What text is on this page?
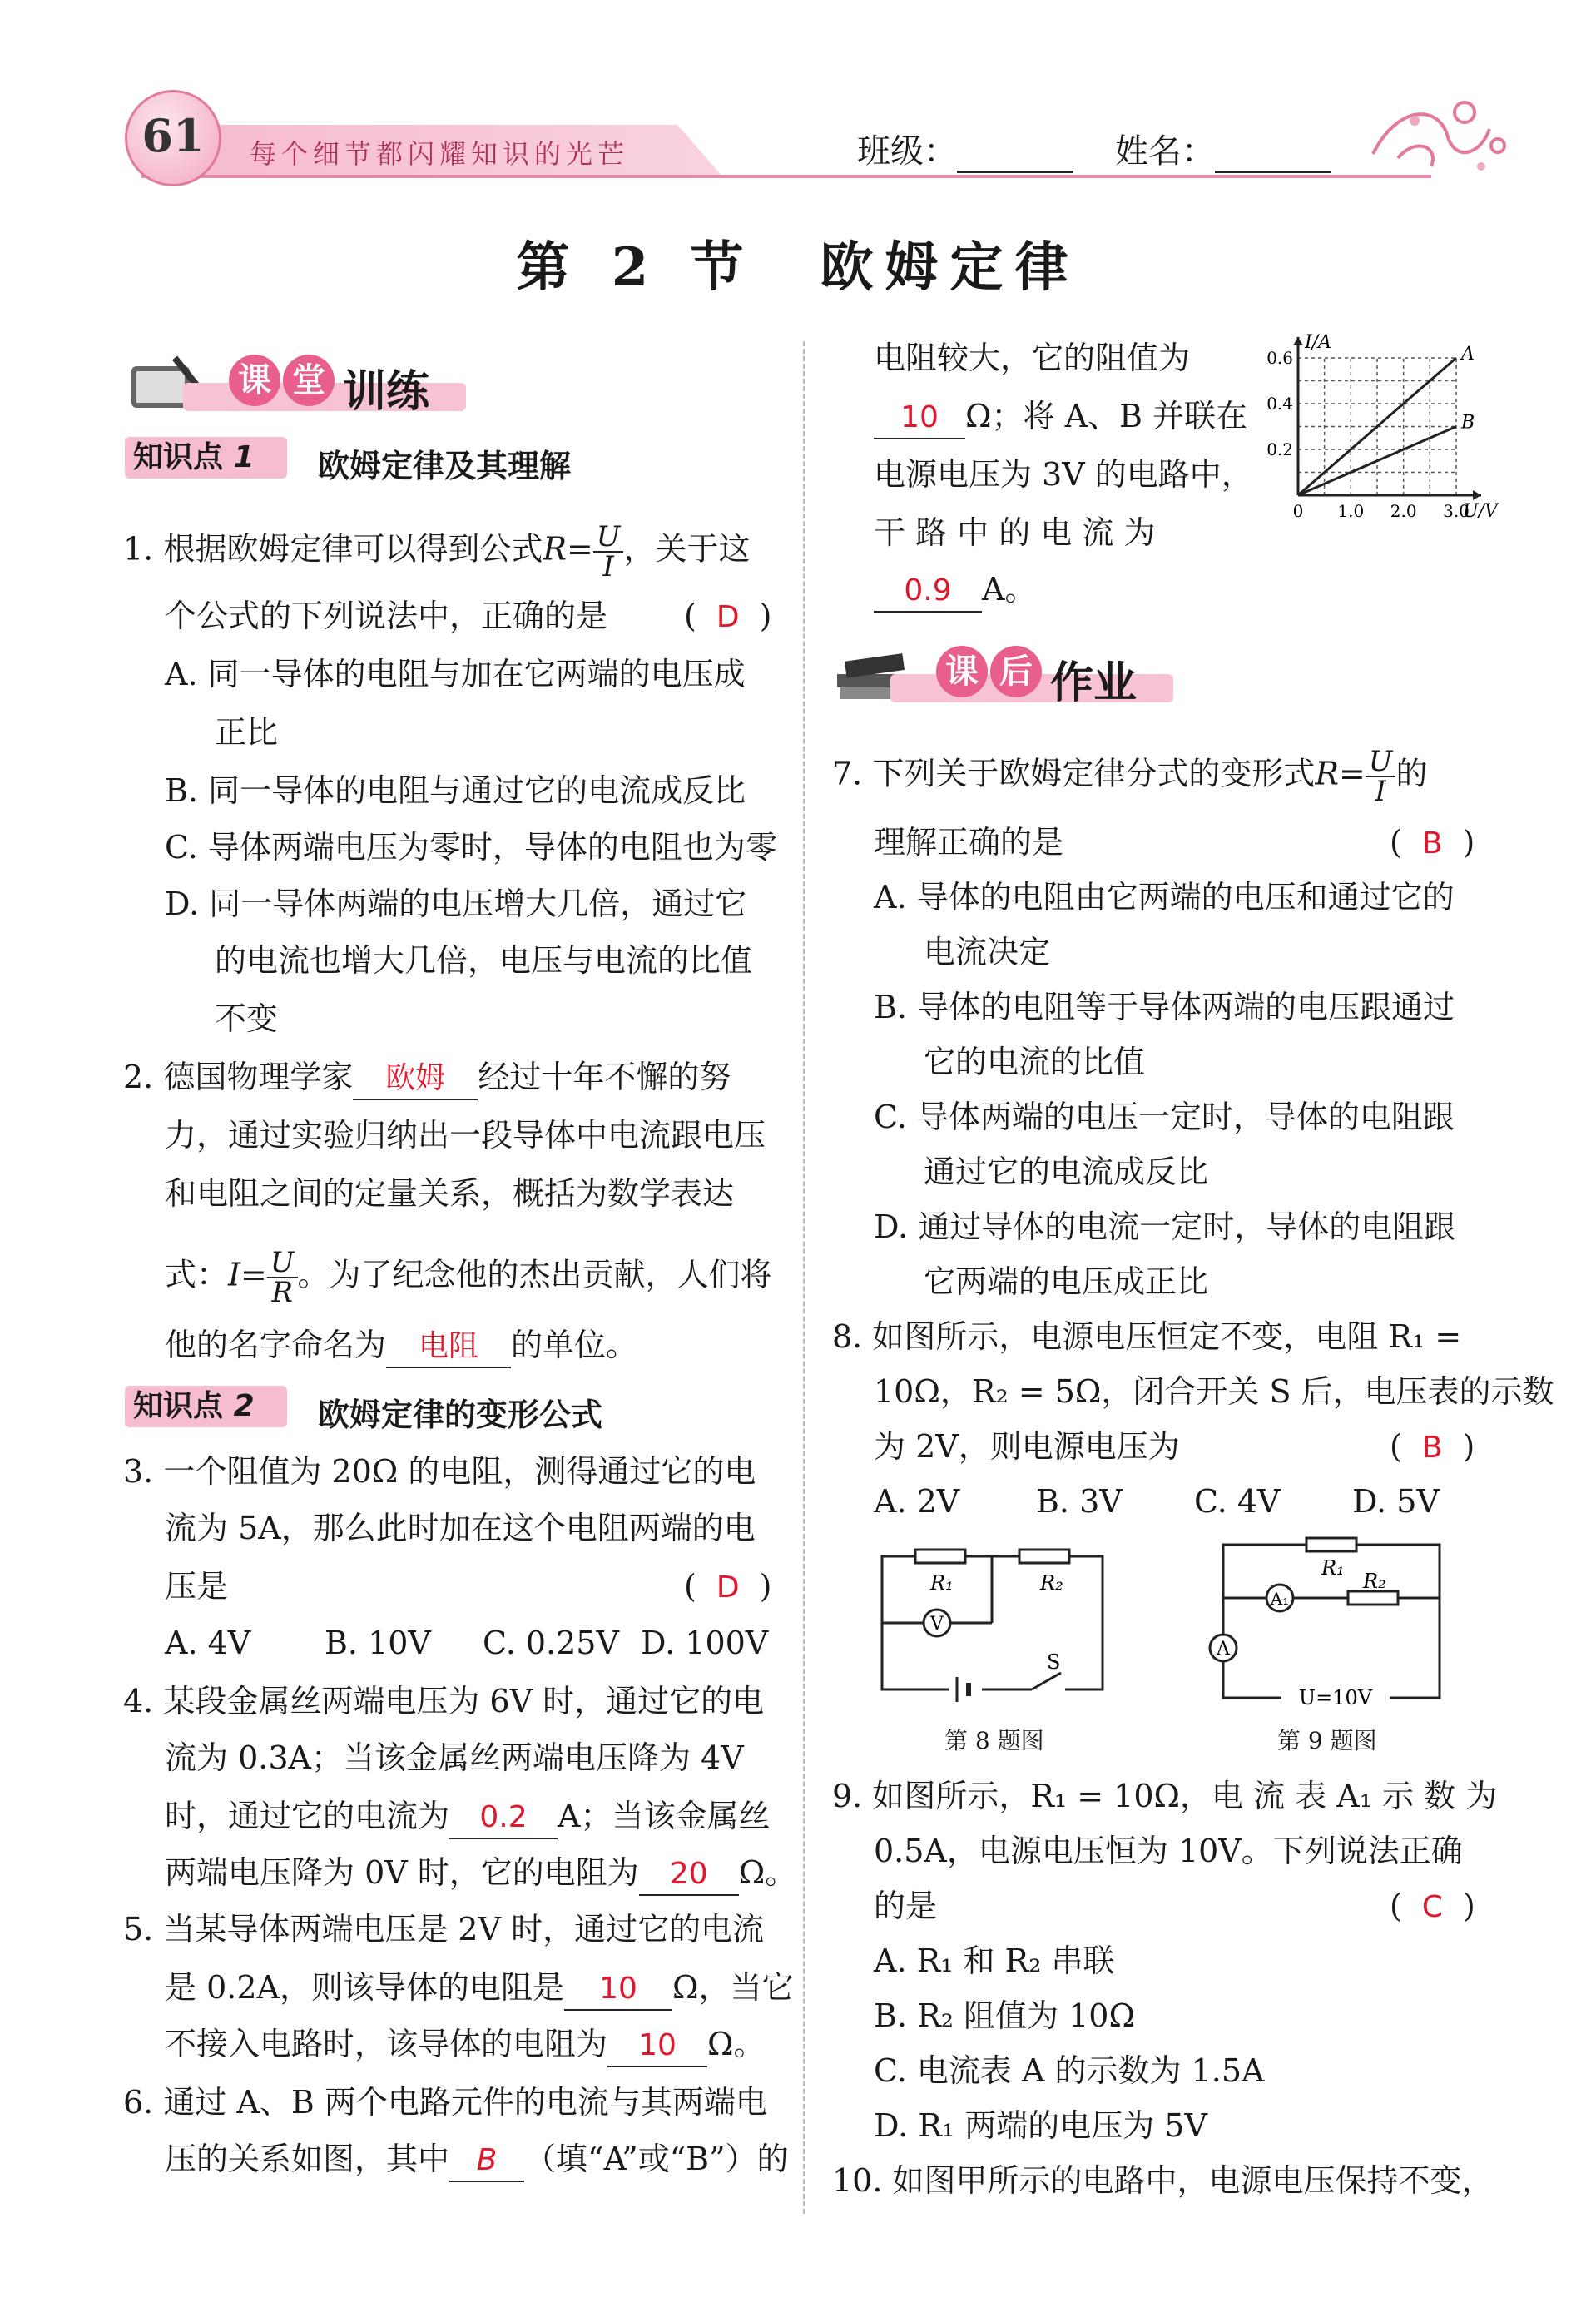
61	每个细节都闪耀知识的光芒	班级：	姓名：
第 2 节　欧姆定律
课 堂 训练
知识点 1	欧姆定律及其理解
1. 根据欧姆定律可以得到公式$R= \frac{U}{I}$ ，关于这
个公式的下列说法中，正确的是 ( D )
A. 同一导体的电阻与加在它两端的电压成
正比
B. 同一导体的电阻与通过它的电流成反比
C. 导体两端电压为零时，导体的电阻也为零
D. 同一导体两端的电压增大几倍，通过它
的电流也增大几倍，电压与电流的比值
不变
2. 德国物理学家 欧姆 经过十年不懈的努
力，通过实验归纳出一段导体中电流跟电压
和电阻之间的定量关系，概括为数学表达
式：$I= \frac{U}{R}$ 。为了纪念他的杰出贡献，人们将
他的名字命名为 电阻 的单位。
知识点 2	欧姆定律的变形公式
3. 一个阻值为 20Ω 的电阻，测得通过它的电
流为 5A，那么此时加在这个电阻两端的电
压是	( D )
A. 4V B. 10V C. 0.25V D. 100V
4. 某段金属丝两端电压为 6V 时，通过它的电
流为 0.3A；当该金属丝两端电压降为 4V
时，通过它的电流为 0.2 A；当该金属丝
两端电压降为 0V 时，它的电阻为 20 Ω。
5. 当某导体两端电压是 2V 时，通过它的电流
是 0.2A，则该导体的电阻是 10 Ω，当它
不接入电路时，该导体的电阻为 10 Ω。
6. 通过 A、B 两个电路元件的电流与其两端电
压的关系如图，其中 B （填“A”或“B”）的
电阻较大，它的阻值为
10 Ω；将 A、B 并联在
电源电压为 3V 的电路中，
干 路 中 的 电 流 为
0.9 A。
A
B
0 1.0 2.0 3.0
0.2
0.4
0.6
I/A
U/V
课 后 作业
7. 下列关于欧姆定律分式的变形式$R= \frac{U}{I}$ 的
理解正确的是	( B )
A. 导体的电阻由它两端的电压和通过它的
电流决定
B. 导体的电阻等于导体两端的电压跟通过
它的电流的比值
C. 导体两端的电压一定时，导体的电阻跟
通过它的电流成反比
D. 通过导体的电流一定时，导体的电阻跟
它两端的电压成正比
8. 如图所示，电源电压恒定不变，电阻 R₁ =
10Ω，R₂ = 5Ω，闭合开关 S 后，电压表的示数
为 2V，则电源电压为	( B )
A. 2V B. 3V C. 4V D. 5V
V
R₁	R₂
S
第 8 题图
A₁
A
R₁
R₂
U=10V
第 9 题图
9. 如图所示，R₁ = 10Ω，电 流 表 A₁ 示 数 为
0.5A，电源电压恒为 10V。下列说法正确
的是	( C )
A. R₁ 和 R₂ 串联
B. R₂ 阻值为 10Ω
C. 电流表 A 的示数为 1.5A
D. R₁ 两端的电压为 5V
10. 如图甲所示的电路中，电源电压保持不变，
